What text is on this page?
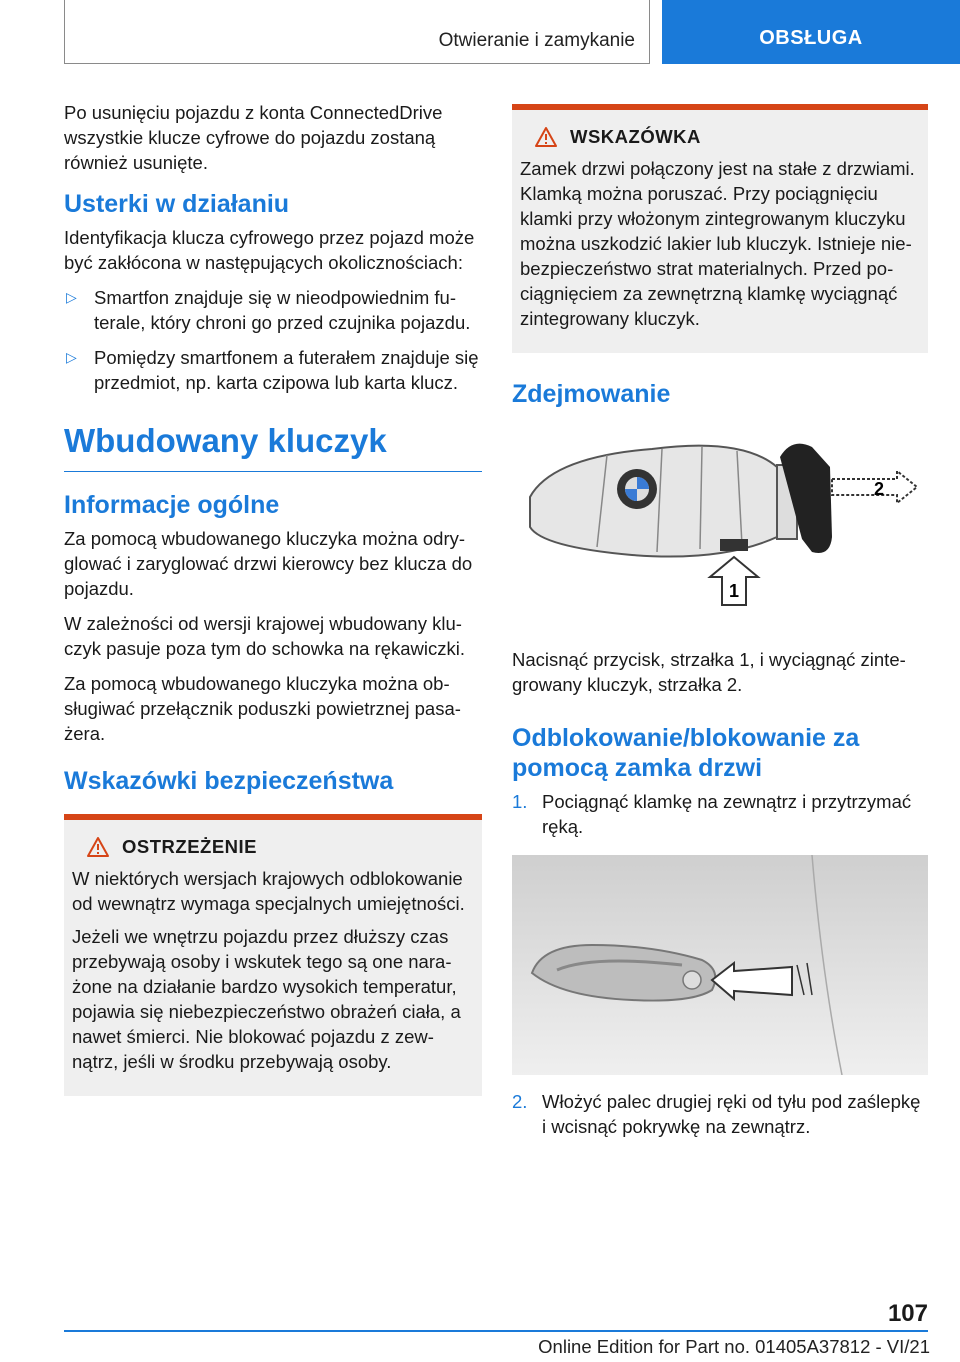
Otwieranie i zamykanie	OBSŁUGA

Po usunięciu pojazdu z konta ConnectedDrive wszystkie klucze cyfrowe do pojazdu zostaną również usunięte.

Usterki w działaniu

Identyfikacja klucza cyfrowego przez pojazd może być zakłócona w następujących okolicznościach:

▷ Smartfon znajduje się w nieodpowiednim futerale, który chroni go przed czujnika pojazdu.
▷ Pomiędzy smartfonem a futerałem znajduje się przedmiot, np. karta czipowa lub karta klucz.
Wbudowany kluczyk
Informacje ogólne

Za pomocą wbudowanego kluczyka można odryglować i zaryglować drzwi kierowcy bez klucza do pojazdu.

W zależności od wersji krajowej wbudowany kluczyk pasuje poza tym do schowka na rękawiczki.

Za pomocą wbudowanego kluczyka można obsługiwać przełącznik poduszki powietrznej pasażera.

Wskazówki bezpieczeństwa
OSTRZEŻENIE

W niektórych wersjach krajowych odblokowanie od wewnątrz wymaga specjalnych umiejętności.

Jeżeli we wnętrzu pojazdu przez dłuższy czas przebywają osoby i wskutek tego są one narażone na działanie bardzo wysokich temperatur, pojawia się niebezpieczeństwo obrażeń ciała, a nawet śmierci. Nie blokować pojazdu z zewnątrz, jeśli w środku przebywają osoby.

WSKAZÓWKA

Zamek drzwi połączony jest na stałe z drzwiami. Klamką można poruszać. Przy pociągnięciu klamki przy włożonym zintegrowanym kluczyku można uszkodzić lakier lub kluczyk. Istnieje niebezpieczeństwo strat materialnych. Przed pociągnięciem za zewnętrzną klamkę wyciągnąć zintegrowany kluczyk.

Zdejmowanie
2
1

Nacisnąć przycisk, strzałka 1, i wyciągnąć zintegrowany kluczyk, strzałka 2.

Odblokowanie/blokowanie za pomocą zamka drzwi
1. Pociągnąć klamkę na zewnątrz i przytrzymać ręką.
2. Włożyć palec drugiej ręki od tyłu pod zaślepkę i wcisnąć pokrywkę na zewnątrz.
107
Online Edition for Part no. 01405A37812 - VI/21
